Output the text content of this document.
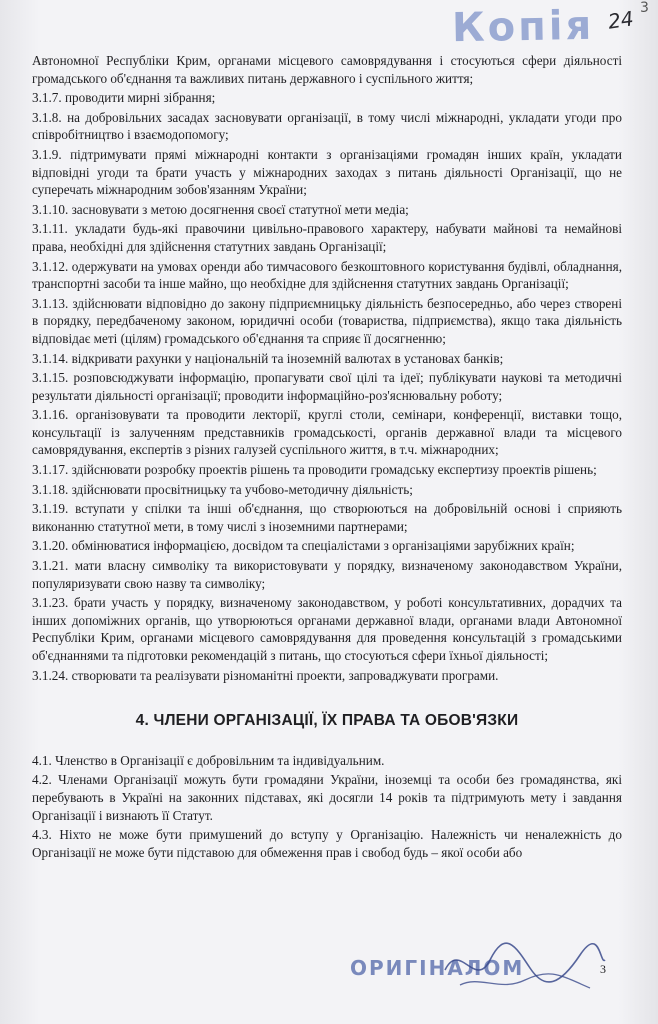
Копія 24 3

Автономної Республіки Крим, органами місцевого самоврядування і стосуються сфери діяльності громадського об'єднання та важливих питань державного і суспільного життя;

3.1.7. проводити мирні зібрання;

3.1.8. на добровільних засадах засновувати організації, в тому числі міжнародні, укладати угоди про співробітництво і взаємодопомогу;

3.1.9. підтримувати прямі міжнародні контакти з організаціями громадян інших країн, укладати відповідні угоди та брати участь у міжнародних заходах з питань діяльності Організації, що не суперечать міжнародним зобов'язанням України;

3.1.10. засновувати з метою досягнення своєї статутної мети медіа;

3.1.11. укладати будь-які правочини цивільно-правового характеру, набувати майнові та немайнові права, необхідні для здійснення статутних завдань Організації;

3.1.12. одержувати на умовах оренди або тимчасового безкоштовного користування будівлі, обладнання, транспортні засоби та інше майно, що необхідне для здійснення статутних завдань Організації;

3.1.13. здійснювати відповідно до закону підприємницьку діяльність безпосередньо, або через створені в порядку, передбаченому законом, юридичні особи (товариства, підприємства), якщо така діяльність відповідає меті (цілям) громадського об'єднання та сприяє її досягненню;

3.1.14. відкривати рахунки у національній та іноземній валютах в установах банків;

3.1.15. розповсюджувати інформацію, пропагувати свої цілі та ідеї; публікувати наукові та методичні результати діяльності організації; проводити інформаційно-роз'яснювальну роботу;

3.1.16. організовувати та проводити лекторії, круглі столи, семінари, конференції, виставки тощо, консультації із залученням представників громадськості, органів державної влади та місцевого самоврядування, експертів з різних галузей суспільного життя, в т.ч. міжнародних;

3.1.17. здійснювати розробку проектів рішень та проводити громадську експертизу проектів рішень;

3.1.18. здійснювати просвітницьку та учбово-методичну діяльність;

3.1.19. вступати у спілки та інші об'єднання, що створюються на добровільній основі і сприяють виконанню статутної мети, в тому числі з іноземними партнерами;

3.1.20. обмінюватися інформацією, досвідом та спеціалістами з організаціями зарубіжних країн;

3.1.21. мати власну символіку та використовувати у порядку, визначеному законодавством України, популяризувати свою назву та символіку;

3.1.23. брати участь у порядку, визначеному законодавством, у роботі консультативних, дорадчих та інших допоміжних органів, що утворюються органами державної влади, органами влади Автономної Республіки Крим, органами місцевого самоврядування для проведення консультацій з громадськими об'єднаннями та підготовки рекомендацій з питань, що стосуються сфери їхньої діяльності;

3.1.24. створювати та реалізувати різноманітні проекти, запроваджувати програми.

4. ЧЛЕНИ ОРГАНІЗАЦІЇ, ЇХ ПРАВА ТА ОБОВ'ЯЗКИ

4.1. Членство в Організації є добровільним та індивідуальним.

4.2. Членами Організації можуть бути громадяни України, іноземці та особи без громадянства, які перебувають в Україні на законних підставах, які досягли 14 років та підтримують мету і завдання Організації і визнають її Статут.

4.3. Ніхто не може бути примушений до вступу у Організацію. Належність чи неналежність до Організації не може бути підставою для обмеження прав і свобод будь – якої особи або

ОРИГІНАЛОМ	3
